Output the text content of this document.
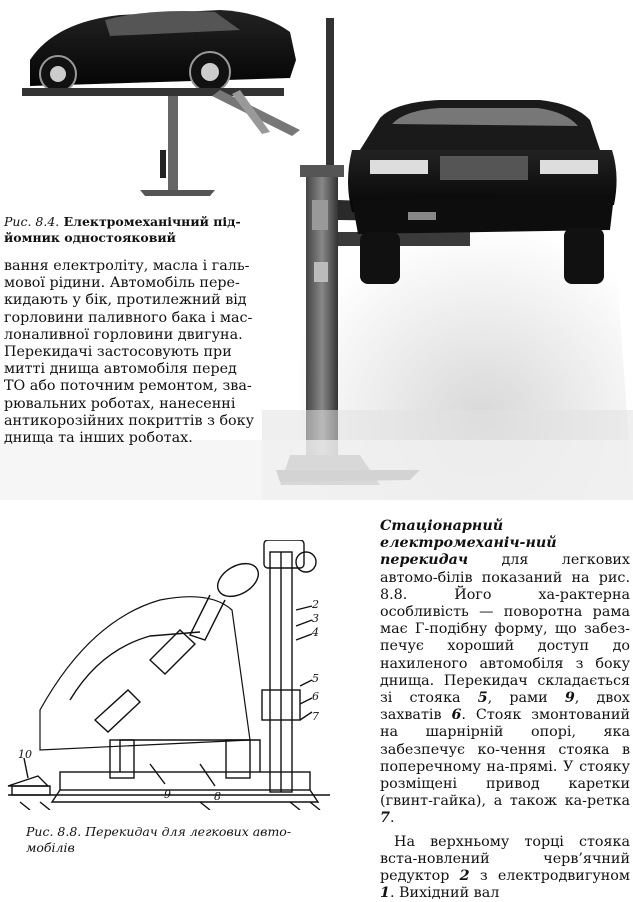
Рис. 8.4. Електромеханічний під-йомник одностояковий
вання електроліту, масла і галь-
мової рідини. Автомобіль пере-
кидають у бік, протилежний від
горловини паливного бака і мас-
лоналивної горловини двигуна.
Перекидачі застосовують при
митті днища автомобіля перед
ТО або поточним ремонтом, зва-
рювальних роботах, нанесенні
антикорозійних покриттів з боку
днища та інших роботах.
2
3
4
5
6
7
8
9
10
Рис. 8.8. Перекидач для легкових авто-мобілів

Стаціонарний електромеханіч-ний перекидач для легкових автомо-білів показаний на рис. 8.8. Його ха-рактерна особливість — поворотна рама має Г-подібну форму, що забез-печує хороший доступ до нахиленого автомобіля з боку днища. Перекидач складається зі стояка 5, рами 9, двох захватів 6. Стояк змонтований на шарнірній опорі, яка забезпечує ко-чення стояка в поперечному на-прямі. У стояку розміщені привод каретки (гвинт-гайка), а також ка-ретка 7.

На верхньому торці стояка вста-новлений черв’ячний редуктор 2 з електродвигуном 1. Вихідний вал
